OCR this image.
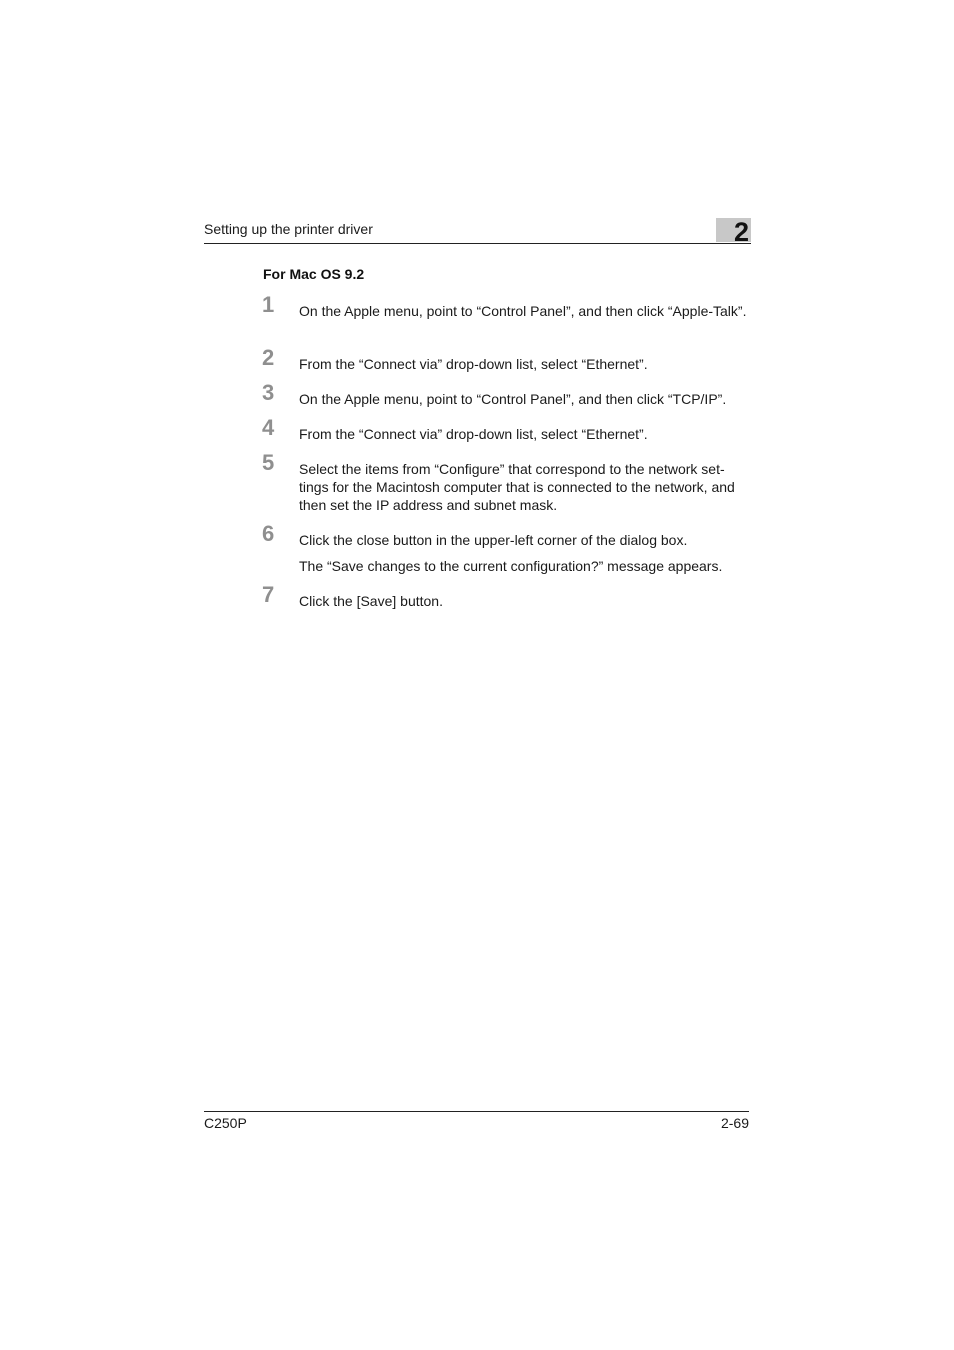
Setting up the printer driver	2
For Mac OS 9.2
1	On the Apple menu, point to “Control Panel”, and then click “Apple-Talk”.
2	From the “Connect via” drop-down list, select “Ethernet”.
3	On the Apple menu, point to “Control Panel”, and then click “TCP/IP”.
4	From the “Connect via” drop-down list, select “Ethernet”.
5	Select the items from “Configure” that correspond to the network set-tings for the Macintosh computer that is connected to the network, and then set the IP address and subnet mask.
6	Click the close button in the upper-left corner of the dialog box.
The “Save changes to the current configuration?” message appears.
7	Click the [Save] button.
C250P	2-69
